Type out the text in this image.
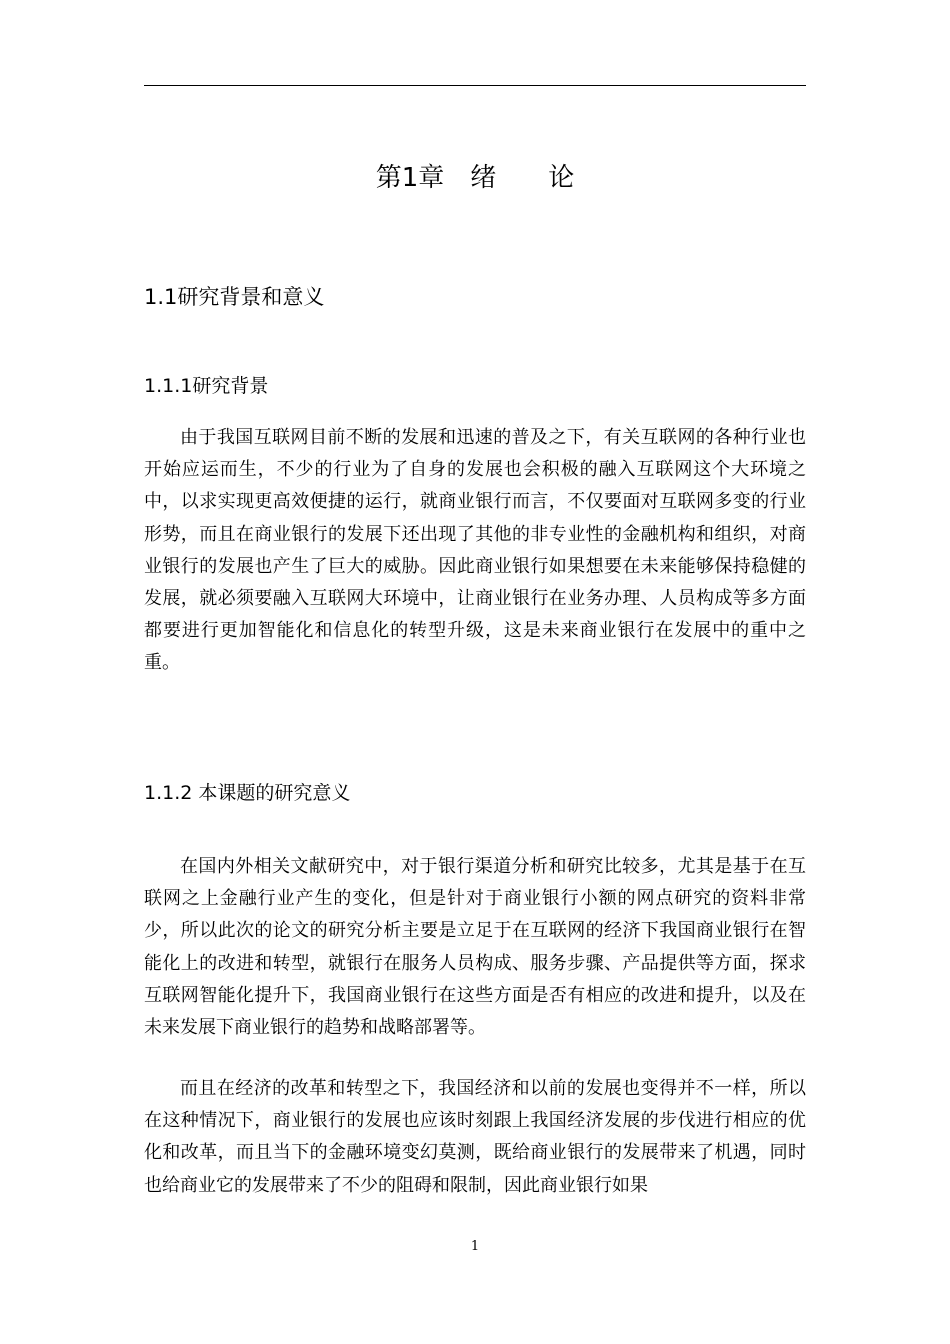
第1章　绪　　论
1.1研究背景和意义
1.1.1研究背景

由于我国互联网目前不断的发展和迅速的普及之下，有关互联网的各种行业也开始应运而生，不少的行业为了自身的发展也会积极的融入互联网这个大环境之中，以求实现更高效便捷的运行，就商业银行而言，不仅要面对互联网多变的行业形势，而且在商业银行的发展下还出现了其他的非专业性的金融机构和组织，对商业银行的发展也产生了巨大的威胁。因此商业银行如果想要在未来能够保持稳健的发展，就必须要融入互联网大环境中，让商业银行在业务办理、人员构成等多方面都要进行更加智能化和信息化的转型升级，这是未来商业银行在发展中的重中之重。

1.1.2 本课题的研究意义

在国内外相关文献研究中，对于银行渠道分析和研究比较多，尤其是基于在互联网之上金融行业产生的变化，但是针对于商业银行小额的网点研究的资料非常少，所以此次的论文的研究分析主要是立足于在互联网的经济下我国商业银行在智能化上的改进和转型，就银行在服务人员构成、服务步骤、产品提供等方面，探求互联网智能化提升下，我国商业银行在这些方面是否有相应的改进和提升，以及在未来发展下商业银行的趋势和战略部署等。

而且在经济的改革和转型之下，我国经济和以前的发展也变得并不一样，所以在这种情况下，商业银行的发展也应该时刻跟上我国经济发展的步伐进行相应的优化和改革，而且当下的金融环境变幻莫测，既给商业银行的发展带来了机遇，同时也给商业它的发展带来了不少的阻碍和限制，因此商业银行如果

1
